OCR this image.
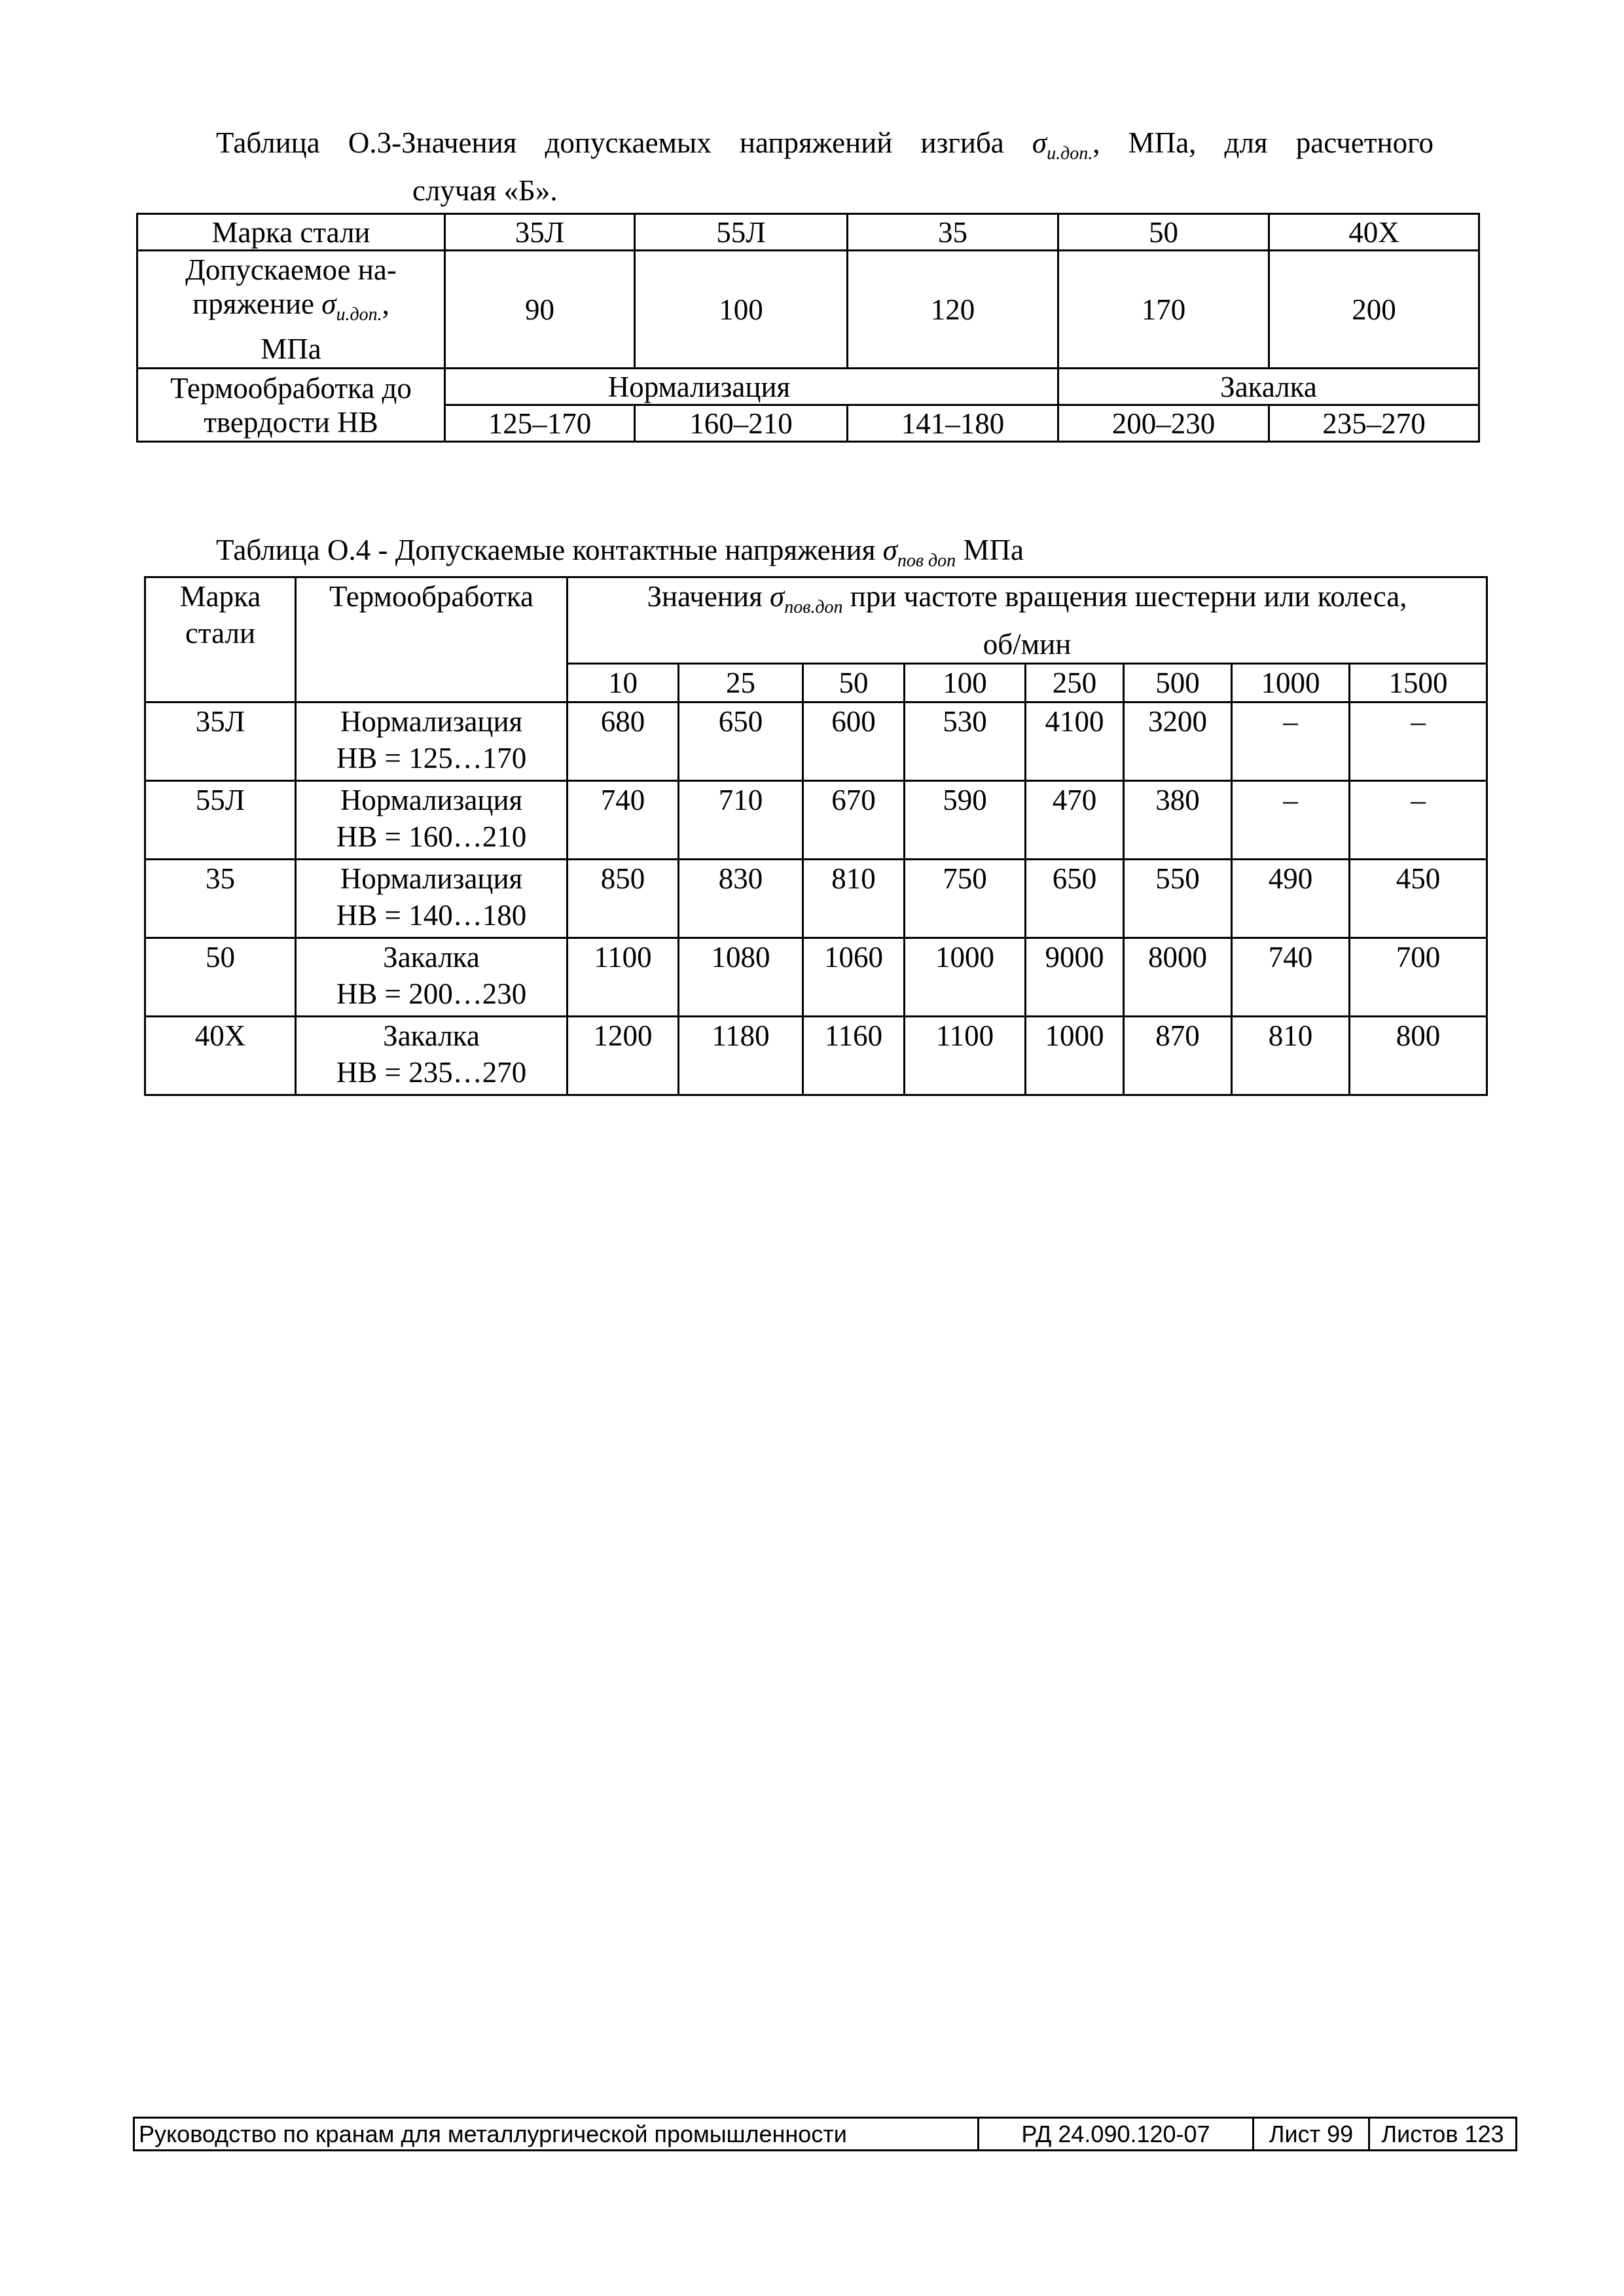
Таблица О.3-Значения допускаемых напряжений изгиба $\sigma_{и.доп.}$, МПа, для расчетного
случая «Б».
Марка стали	35Л	55Л	35	50	40Х

Допускаемое на-
пряжение $\sigma_{и.доп.}$,
МПа	90	100	120	170	200

Термообработка до
твердости НВ	Нормализация			Закалка	
	125–170	160–210	141–180	200–230	235–270
Таблица О.4 - Допускаемые контактные напряжения $\sigma_{пов доп}$ МПа
Марка
стали	Термообработка	Значения $\sigma_{пов.доп}$ при частоте вращения шестерни или колеса,
об/мин							

		10	25	50	100	250	500	1000	1500
35Л	Нормализация
НВ = 125…170	680	650	600	530	4100	3200	–	–
55Л	Нормализация
НВ = 160…210	740	710	670	590	470	380	–	–
35	Нормализация
НВ = 140…180	850	830	810	750	650	550	490	450
50	Закалка
НВ = 200…230	1100	1080	1060	1000	9000	8000	740	700
40Х	Закалка
НВ = 235…270	1200	1180	1160	1100	1000	870	810	800
Руководство по кранам для металлургической промышленности	РД 24.090.120-07	Лист 99	Листов 123
